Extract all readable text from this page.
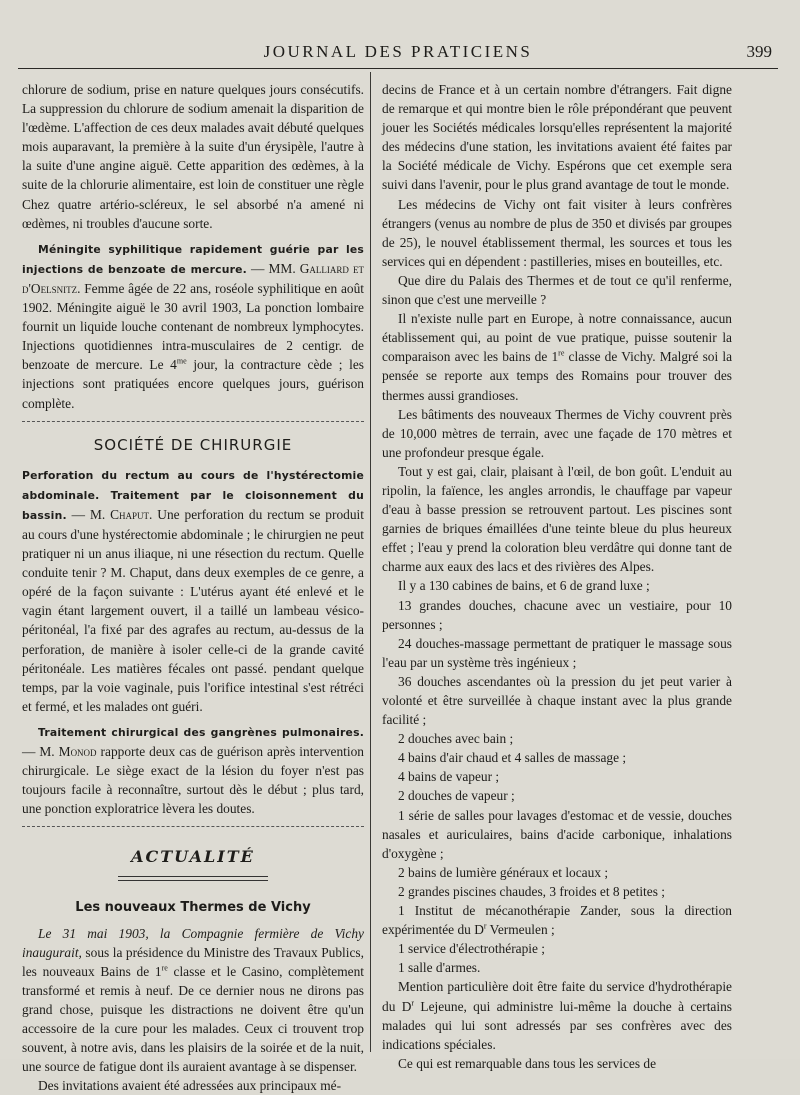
JOURNAL DES PRATICIENS	399

chlorure de sodium, prise en nature quelques jours consécutifs. La suppression du chlorure de sodium amenait la disparition de l'œdème. L'affection de ces deux malades avait débuté quelques mois auparavant, la première à la suite d'un érysipèle, l'autre à la suite d'une angine aiguë. Cette apparition des œdèmes, à la suite de la chlorurie alimentaire, est loin de constituer une règle Chez quatre artério-scléreux, le sel absorbé n'a amené ni œdèmes, ni troubles d'aucune sorte.

Méningite syphilitique rapidement guérie par les injections de benzoate de mercure. — MM. Galliard et d'Oelsnitz. Femme âgée de 22 ans, roséole syphilitique en août 1902. Méningite aiguë le 30 avril 1903, La ponction lombaire fournit un liquide louche contenant de nombreux lymphocytes. Injections quotidiennes intra-musculaires de 2 centigr. de benzoate de mercure. Le $4^{me}$ jour, la contracture cède ; les injections sont pratiquées encore quelques jours, guérison complète.

SOCIÉTÉ DE CHIRURGIE

Perforation du rectum au cours de l'hystérectomie abdominale. Traitement par le cloisonnement du bassin. — M. Chaput. Une perforation du rectum se produit au cours d'une hystérectomie abdominale ; le chirurgien ne peut pratiquer ni un anus iliaque, ni une résection du rectum. Quelle conduite tenir ? M. Chaput, dans deux exemples de ce genre, a opéré de la façon suivante : L'utérus ayant été enlevé et le vagin étant largement ouvert, il a taillé un lambeau vésico-péritonéal, l'a fixé par des agrafes au rectum, au-dessus de la perforation, de manière à isoler celle-ci de la grande cavité péritonéale. Les matières fécales ont passé. pendant quelque temps, par la voie vaginale, puis l'orifice intestinal s'est rétréci et fermé, et les malades ont guéri.

Traitement chirurgical des gangrènes pulmonaires. — M. Monod rapporte deux cas de guérison après intervention chirurgicale. Le siège exact de la lésion du foyer n'est pas toujours facile à reconnaître, surtout dès le début ; plus tard, une ponction exploratrice lèvera les doutes.

ACTUALITÉ
Les nouveaux Thermes de Vichy

Le 31 mai 1903, la Compagnie fermière de Vichy inaugurait, sous la présidence du Ministre des Travaux Publics, les nouveaux Bains de 1re classe et le Casino, complètement transformé et remis à neuf. De ce dernier nous ne dirons pas grand chose, puisque les distractions ne doivent être qu'un accessoire de la cure pour les malades. Ceux ci trouvent trop souvent, à notre avis, dans les plaisirs de la soirée et de la nuit, une source de fatigue dont ils auraient avantage à se dispenser.

Des invitations avaient été adressées aux principaux mé-

decins de France et à un certain nombre d'étrangers. Fait digne de remarque et qui montre bien le rôle prépondérant que peuvent jouer les Sociétés médicales lorsqu'elles représentent la majorité des médecins d'une station, les invitations avaient été faites par la Société médicale de Vichy. Espérons que cet exemple sera suivi dans l'avenir, pour le plus grand avantage de tout le monde.

Les médecins de Vichy ont fait visiter à leurs confrères étrangers (venus au nombre de plus de 350 et divisés par groupes de 25), le nouvel établissement thermal, les sources et tous les services qui en dépendent : pastilleries, mises en bouteilles, etc.

Que dire du Palais des Thermes et de tout ce qu'il renferme, sinon que c'est une merveille ?

Il n'existe nulle part en Europe, à notre connaissance, aucun établissement qui, au point de vue pratique, puisse soutenir la comparaison avec les bains de 1re classe de Vichy. Malgré soi la pensée se reporte aux temps des Romains pour trouver des thermes aussi grandioses.

Les bâtiments des nouveaux Thermes de Vichy couvrent près de 10,000 mètres de terrain, avec une façade de 170 mètres et une profondeur presque égale.

Tout y est gai, clair, plaisant à l'œil, de bon goût. L'enduit au ripolin, la faïence, les angles arrondis, le chauffage par vapeur d'eau à basse pression se retrouvent partout. Les piscines sont garnies de briques émaillées d'une teinte bleue du plus heureux effet ; l'eau y prend la coloration bleu verdâtre qui donne tant de charme aux eaux des lacs et des rivières des Alpes.

Il y a 130 cabines de bains, et 6 de grand luxe ;

13 grandes douches, chacune avec un vestiaire, pour 10 personnes ;

24 douches-massage permettant de pratiquer le massage sous l'eau par un système très ingénieux ;

36 douches ascendantes où la pression du jet peut varier à volonté et être surveillée à chaque instant avec la plus grande facilité ;

2 douches avec bain ;

4 bains d'air chaud et 4 salles de massage ;

4 bains de vapeur ;

2 douches de vapeur ;

1 série de salles pour lavages d'estomac et de vessie, douches nasales et auriculaires, bains d'acide carbonique, inhalations d'oxygène ;

2 bains de lumière généraux et locaux ;

2 grandes piscines chaudes, 3 froides et 8 petites ;

1 Institut de mécanothérapie Zander, sous la direction expérimentée du $D^r$ Vermeulen ;

1 service d'électrothérapie ;

1 salle d'armes.

Mention particulière doit être faite du service d'hydrothérapie du $D^r$ Lejeune, qui administre lui-même la douche à certains malades qui lui sont adressés par ses confrères avec des indications spéciales.

Ce qui est remarquable dans tous les services de
